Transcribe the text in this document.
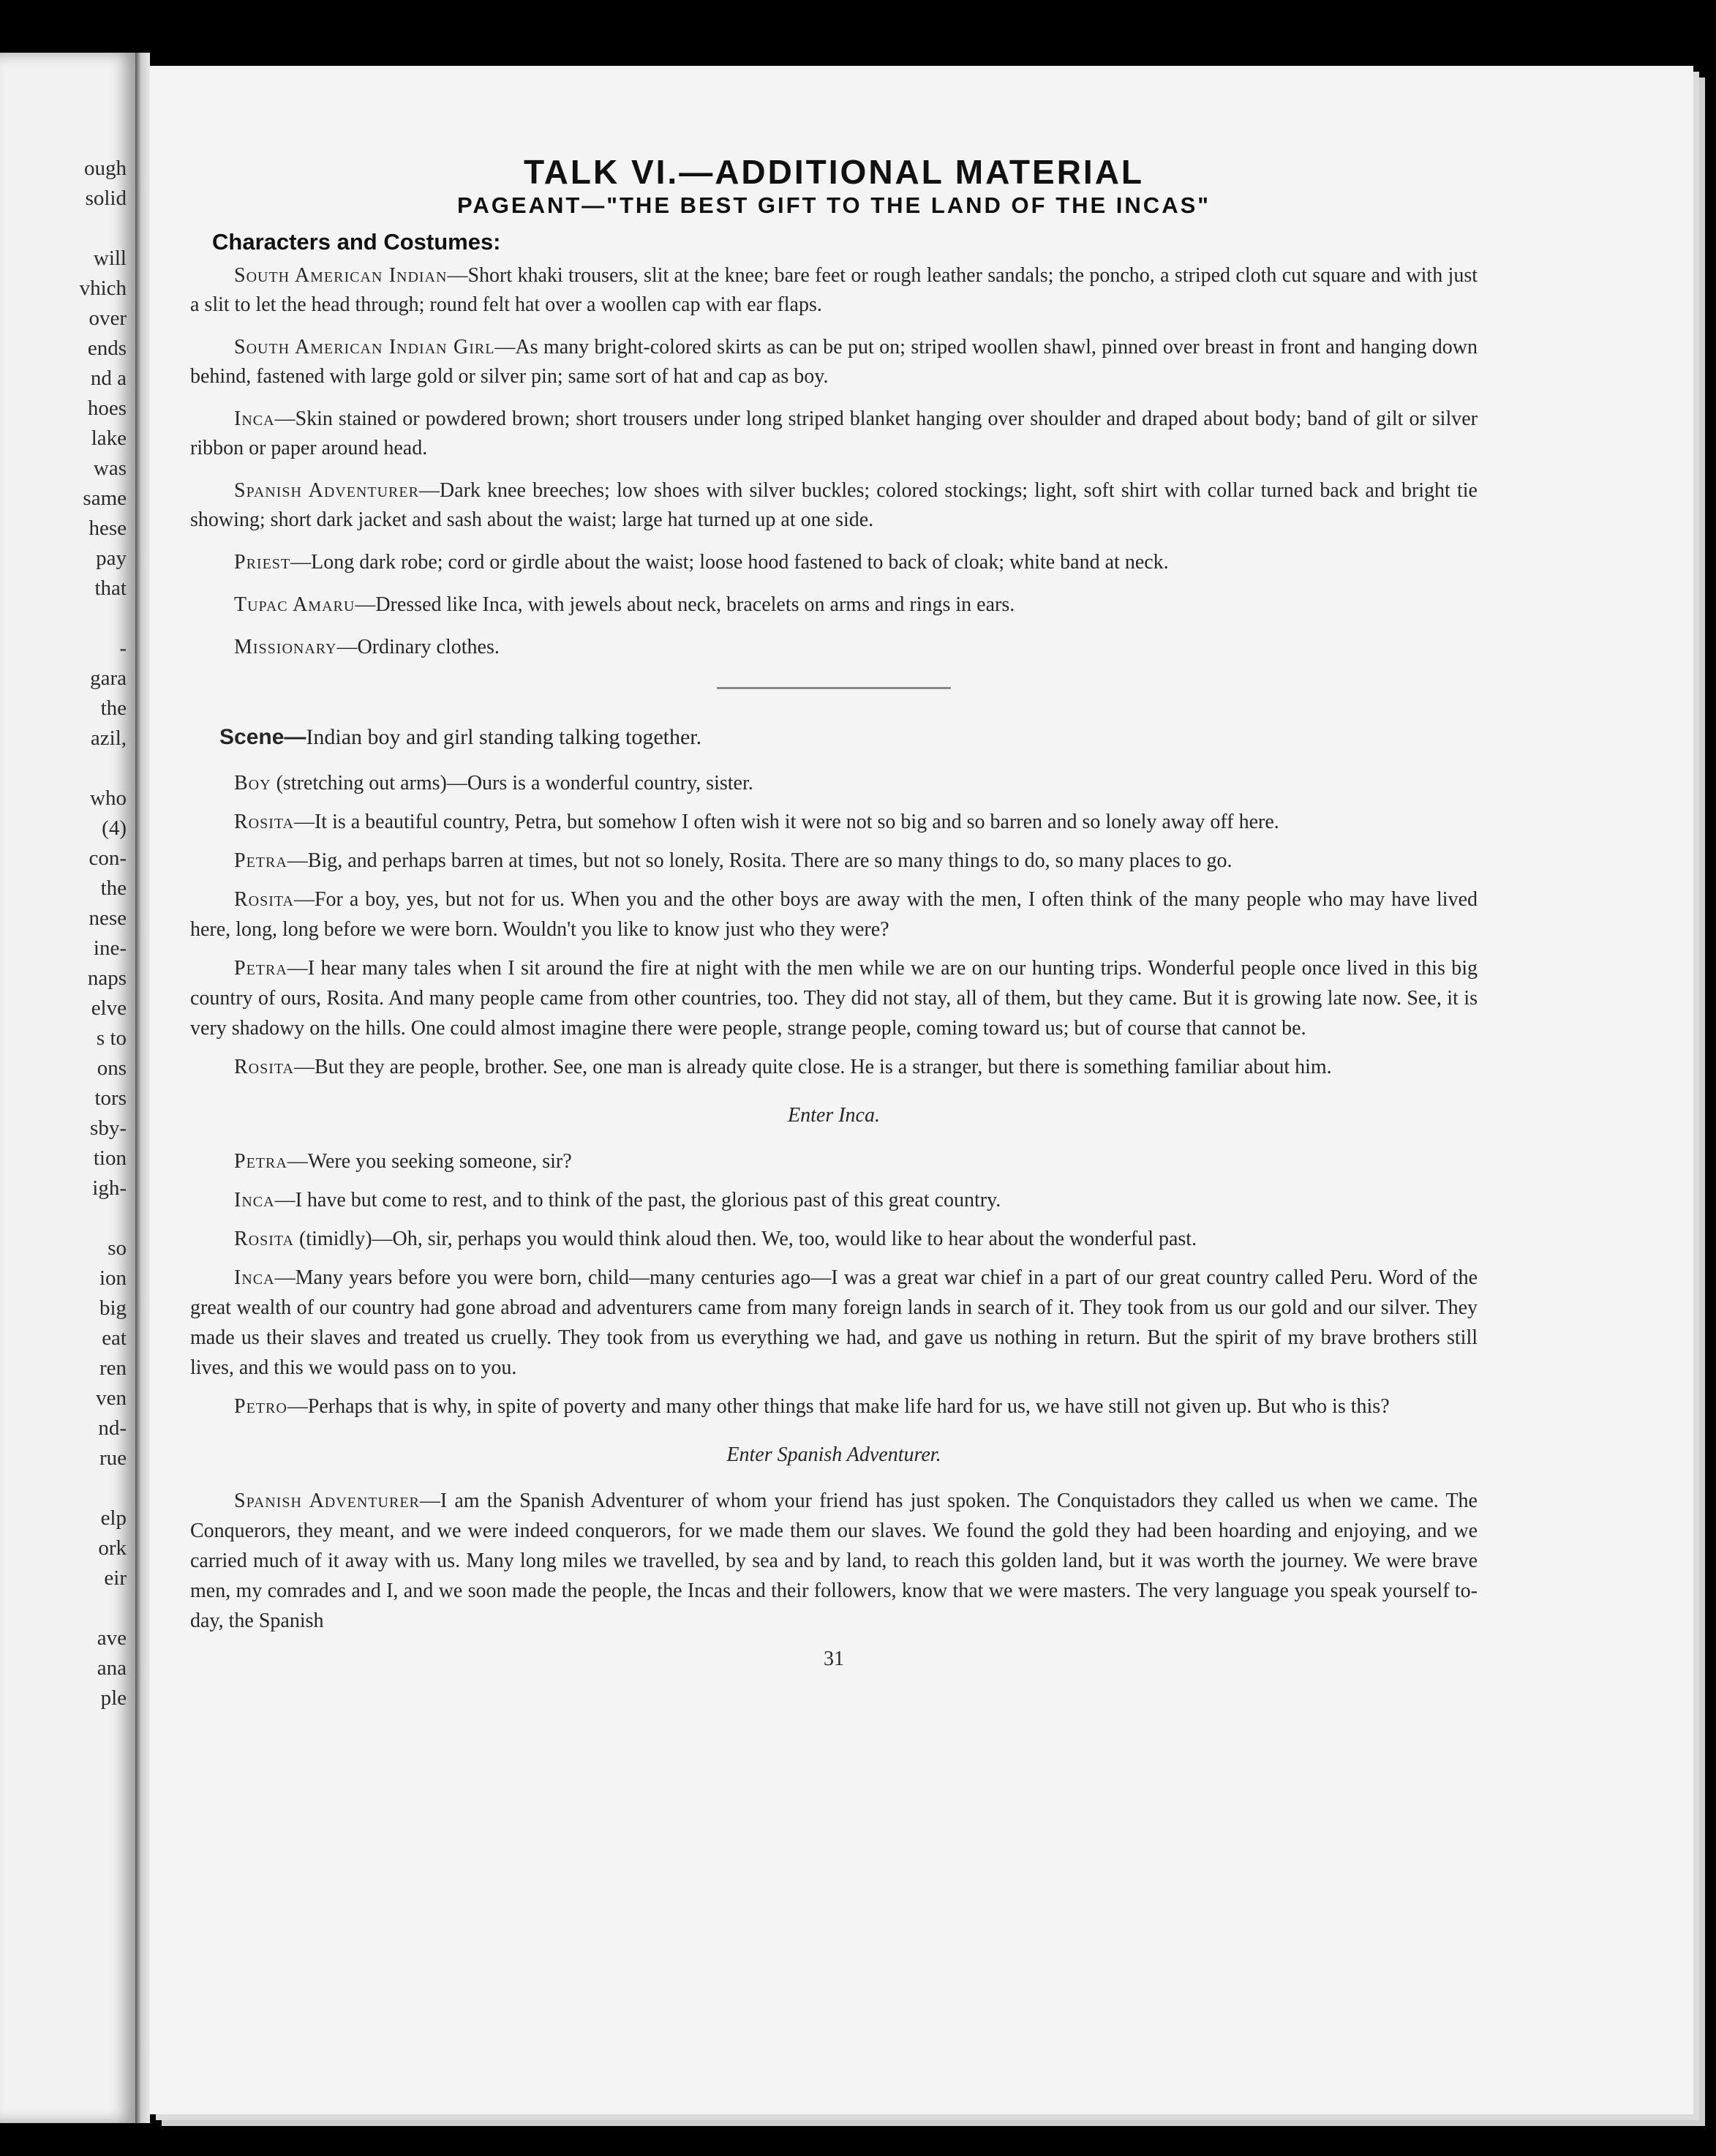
ough
solid
will
vhich
over
ends
nd a
hoes
lake
was
same
hese
pay
that
-
gara
the
azil,
who
(4)
con-
the
nese
ine-
naps
elve
s to
ons
tors
sby-
tion
igh-
so
ion
big
eat
ren
ven
nd-
rue
elp
ork
eir
ave
ana
ple
TALK VI.—ADDITIONAL MATERIAL
PAGEANT—"THE BEST GIFT TO THE LAND OF THE INCAS"
Characters and Costumes:

South American Indian—Short khaki trousers, slit at the knee; bare feet or rough leather sandals; the poncho, a striped cloth cut square and with just a slit to let the head through; round felt hat over a woollen cap with ear flaps.

South American Indian Girl—As many bright-colored skirts as can be put on; striped woollen shawl, pinned over breast in front and hanging down behind, fastened with large gold or silver pin; same sort of hat and cap as boy.

Inca—Skin stained or powdered brown; short trousers under long striped blanket hanging over shoulder and draped about body; band of gilt or silver ribbon or paper around head.

Spanish Adventurer—Dark knee breeches; low shoes with silver buckles; colored stockings; light, soft shirt with collar turned back and bright tie showing; short dark jacket and sash about the waist; large hat turned up at one side.

Priest—Long dark robe; cord or girdle about the waist; loose hood fastened to back of cloak; white band at neck.

Tupac Amaru—Dressed like Inca, with jewels about neck, bracelets on arms and rings in ears.

Missionary—Ordinary clothes.

Scene—Indian boy and girl standing talking together.

Boy (stretching out arms)—Ours is a wonderful country, sister.

Rosita—It is a beautiful country, Petra, but somehow I often wish it were not so big and so barren and so lonely away off here.

Petra—Big, and perhaps barren at times, but not so lonely, Rosita. There are so many things to do, so many places to go.

Rosita—For a boy, yes, but not for us. When you and the other boys are away with the men, I often think of the many people who may have lived here, long, long before we were born. Wouldn't you like to know just who they were?

Petra—I hear many tales when I sit around the fire at night with the men while we are on our hunting trips. Wonderful people once lived in this big country of ours, Rosita. And many people came from other countries, too. They did not stay, all of them, but they came. But it is growing late now. See, it is very shadowy on the hills. One could almost imagine there were people, strange people, coming toward us; but of course that cannot be.

Rosita—But they are people, brother. See, one man is already quite close. He is a stranger, but there is something familiar about him.

Enter Inca.

Petra—Were you seeking someone, sir?

Inca—I have but come to rest, and to think of the past, the glorious past of this great country.

Rosita (timidly)—Oh, sir, perhaps you would think aloud then. We, too, would like to hear about the wonderful past.

Inca—Many years before you were born, child—many centuries ago—I was a great war chief in a part of our great country called Peru. Word of the great wealth of our country had gone abroad and adventurers came from many foreign lands in search of it. They took from us our gold and our silver. They made us their slaves and treated us cruelly. They took from us everything we had, and gave us nothing in return. But the spirit of my brave brothers still lives, and this we would pass on to you.

Petro—Perhaps that is why, in spite of poverty and many other things that make life hard for us, we have still not given up. But who is this?

Enter Spanish Adventurer.

Spanish Adventurer—I am the Spanish Adventurer of whom your friend has just spoken. The Conquistadors they called us when we came. The Conquerors, they meant, and we were indeed conquerors, for we made them our slaves. We found the gold they had been hoarding and enjoying, and we carried much of it away with us. Many long miles we travelled, by sea and by land, to reach this golden land, but it was worth the journey. We were brave men, my comrades and I, and we soon made the people, the Incas and their followers, know that we were masters. The very language you speak yourself to-day, the Spanish

31
